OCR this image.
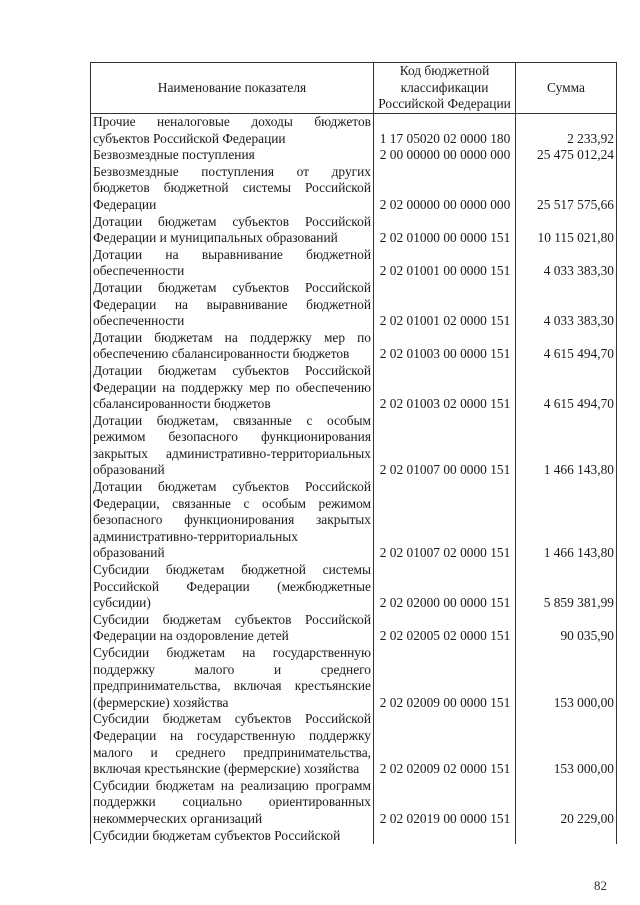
Наименование показателя	Код бюджетной классификации Российской Федерации	Сумма
Прочие неналоговые доходы бюджетов субъектов Российской Федерации	1 17 05020 02 0000 180	2 233,92
Безвозмездные поступления	2 00 00000 00 0000 000	25 475 012,24
Безвозмездные поступления от других бюджетов бюджетной системы Российской Федерации	2 02 00000 00 0000 000	25 517 575,66
Дотации бюджетам субъектов Российской Федерации и муниципальных образований	2 02 01000 00 0000 151	10 115 021,80
Дотации на выравнивание бюджетной обеспеченности	2 02 01001 00 0000 151	4 033 383,30
Дотации бюджетам субъектов Российской Федерации на выравнивание бюджетной обеспеченности	2 02 01001 02 0000 151	4 033 383,30
Дотации бюджетам на поддержку мер по обеспечению сбалансированности бюджетов	2 02 01003 00 0000 151	4 615 494,70
Дотации бюджетам субъектов Российской Федерации на поддержку мер по обеспечению сбалансированности бюджетов	2 02 01003 02 0000 151	4 615 494,70
Дотации бюджетам, связанные с особым режимом безопасного функционирования закрытых административно-территориальных образований	2 02 01007 00 0000 151	1 466 143,80
Дотации бюджетам субъектов Российской Федерации, связанные с особым режимом безопасного функционирования закрытых административно-территориальных образований	2 02 01007 02 0000 151	1 466 143,80
Субсидии бюджетам бюджетной системы Российской Федерации (межбюджетные субсидии)	2 02 02000 00 0000 151	5 859 381,99
Субсидии бюджетам субъектов Российской Федерации на оздоровление детей	2 02 02005 02 0000 151	90 035,90
Субсидии бюджетам на государственную поддержку малого и среднего предпринимательства, включая крестьянские (фермерские) хозяйства	2 02 02009 00 0000 151	153 000,00
Субсидии бюджетам субъектов Российской Федерации на государственную поддержку малого и среднего предпринимательства, включая крестьянские (фермерские) хозяйства	2 02 02009 02 0000 151	153 000,00
Субсидии бюджетам на реализацию программ поддержки социально ориентированных некоммерческих организаций	2 02 02019 00 0000 151	20 229,00
Субсидии бюджетам субъектов Российской		
82
